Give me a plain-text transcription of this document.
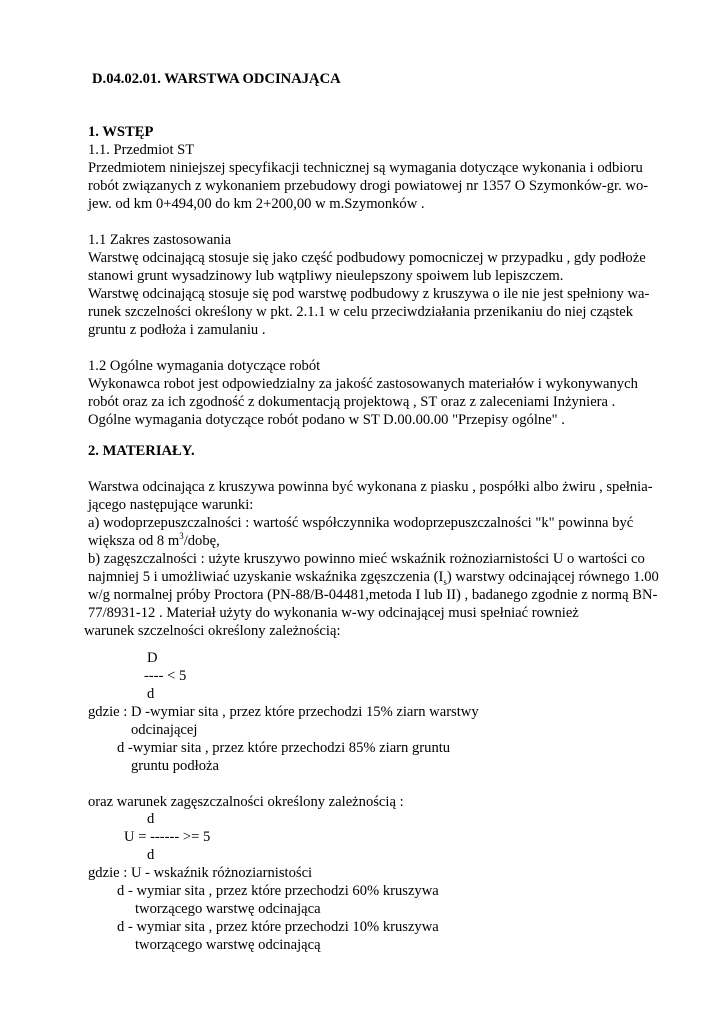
D.04.02.01. WARSTWA ODCINAJĄCA
1. WSTĘP
1.1. Przedmiot ST
Przedmiotem niniejszej specyfikacji technicznej są wymagania dotyczące wykonania i odbioru
robót związanych z wykonaniem przebudowy drogi powiatowej nr 1357 O Szymonków-gr. wo-
jew. od km 0+494,00 do km 2+200,00 w m.Szymonków .
1.1 Zakres zastosowania
Warstwę odcinającą stosuje się jako część podbudowy pomocniczej w przypadku , gdy podłoże
stanowi grunt wysadzinowy lub wątpliwy nieulepszony spoiwem lub lepiszczem.
Warstwę odcinającą stosuje się pod warstwę podbudowy z kruszywa o ile nie jest spełniony wa-
runek szczelności określony w pkt. 2.1.1 w celu przeciwdziałania przenikaniu do niej cząstek
gruntu z podłoża i zamulaniu .
1.2 Ogólne wymagania dotyczące robót
Wykonawca robot jest odpowiedzialny za jakość zastosowanych materiałów i wykonywanych
robót oraz za ich zgodność z dokumentacją projektową , ST oraz z zaleceniami Inżyniera .
Ogólne wymagania dotyczące robót podano w ST D.00.00.00 "Przepisy ogólne" .
2. MATERIAŁY.
Warstwa odcinająca z kruszywa powinna być wykonana z piasku , pospółki albo żwiru , spełnia-
jącego następujące warunki:
a) wodoprzepuszczalności : wartość współczynnika wodoprzepuszczalności "k" powinna być
większa od 8 $m^3$/dobę,
b) zagęszczalności : użyte kruszywo powinno mieć wskaźnik rożnoziarnistości U o wartości co
najmniej 5 i umożliwiać uzyskanie wskaźnika zgęszczenia $(I_s)$ warstwy odcinającej równego 1.00
w/g normalnej próby Proctora (PN-88/B-04481,metoda I lub II) , badanego zgodnie z normą BN-
77/8931-12 . Materiał użyty do wykonania w-wy odcinającej musi spełniać rownież
warunek szczelności określony zależnością:
D
---- < 5
d
gdzie : D -wymiar sita , przez które przechodzi 15% ziarn warstwy
odcinającej
d -wymiar sita , przez które przechodzi 85% ziarn gruntu
gruntu podłoża
oraz warunek zagęszczalności określony zależnością :
d
U = ------ >= 5
d
gdzie : U - wskaźnik różnoziarnistości
d - wymiar sita , przez które przechodzi 60% kruszywa
tworzącego warstwę odcinająca
d - wymiar sita , przez które przechodzi 10% kruszywa
tworzącego warstwę odcinającą
